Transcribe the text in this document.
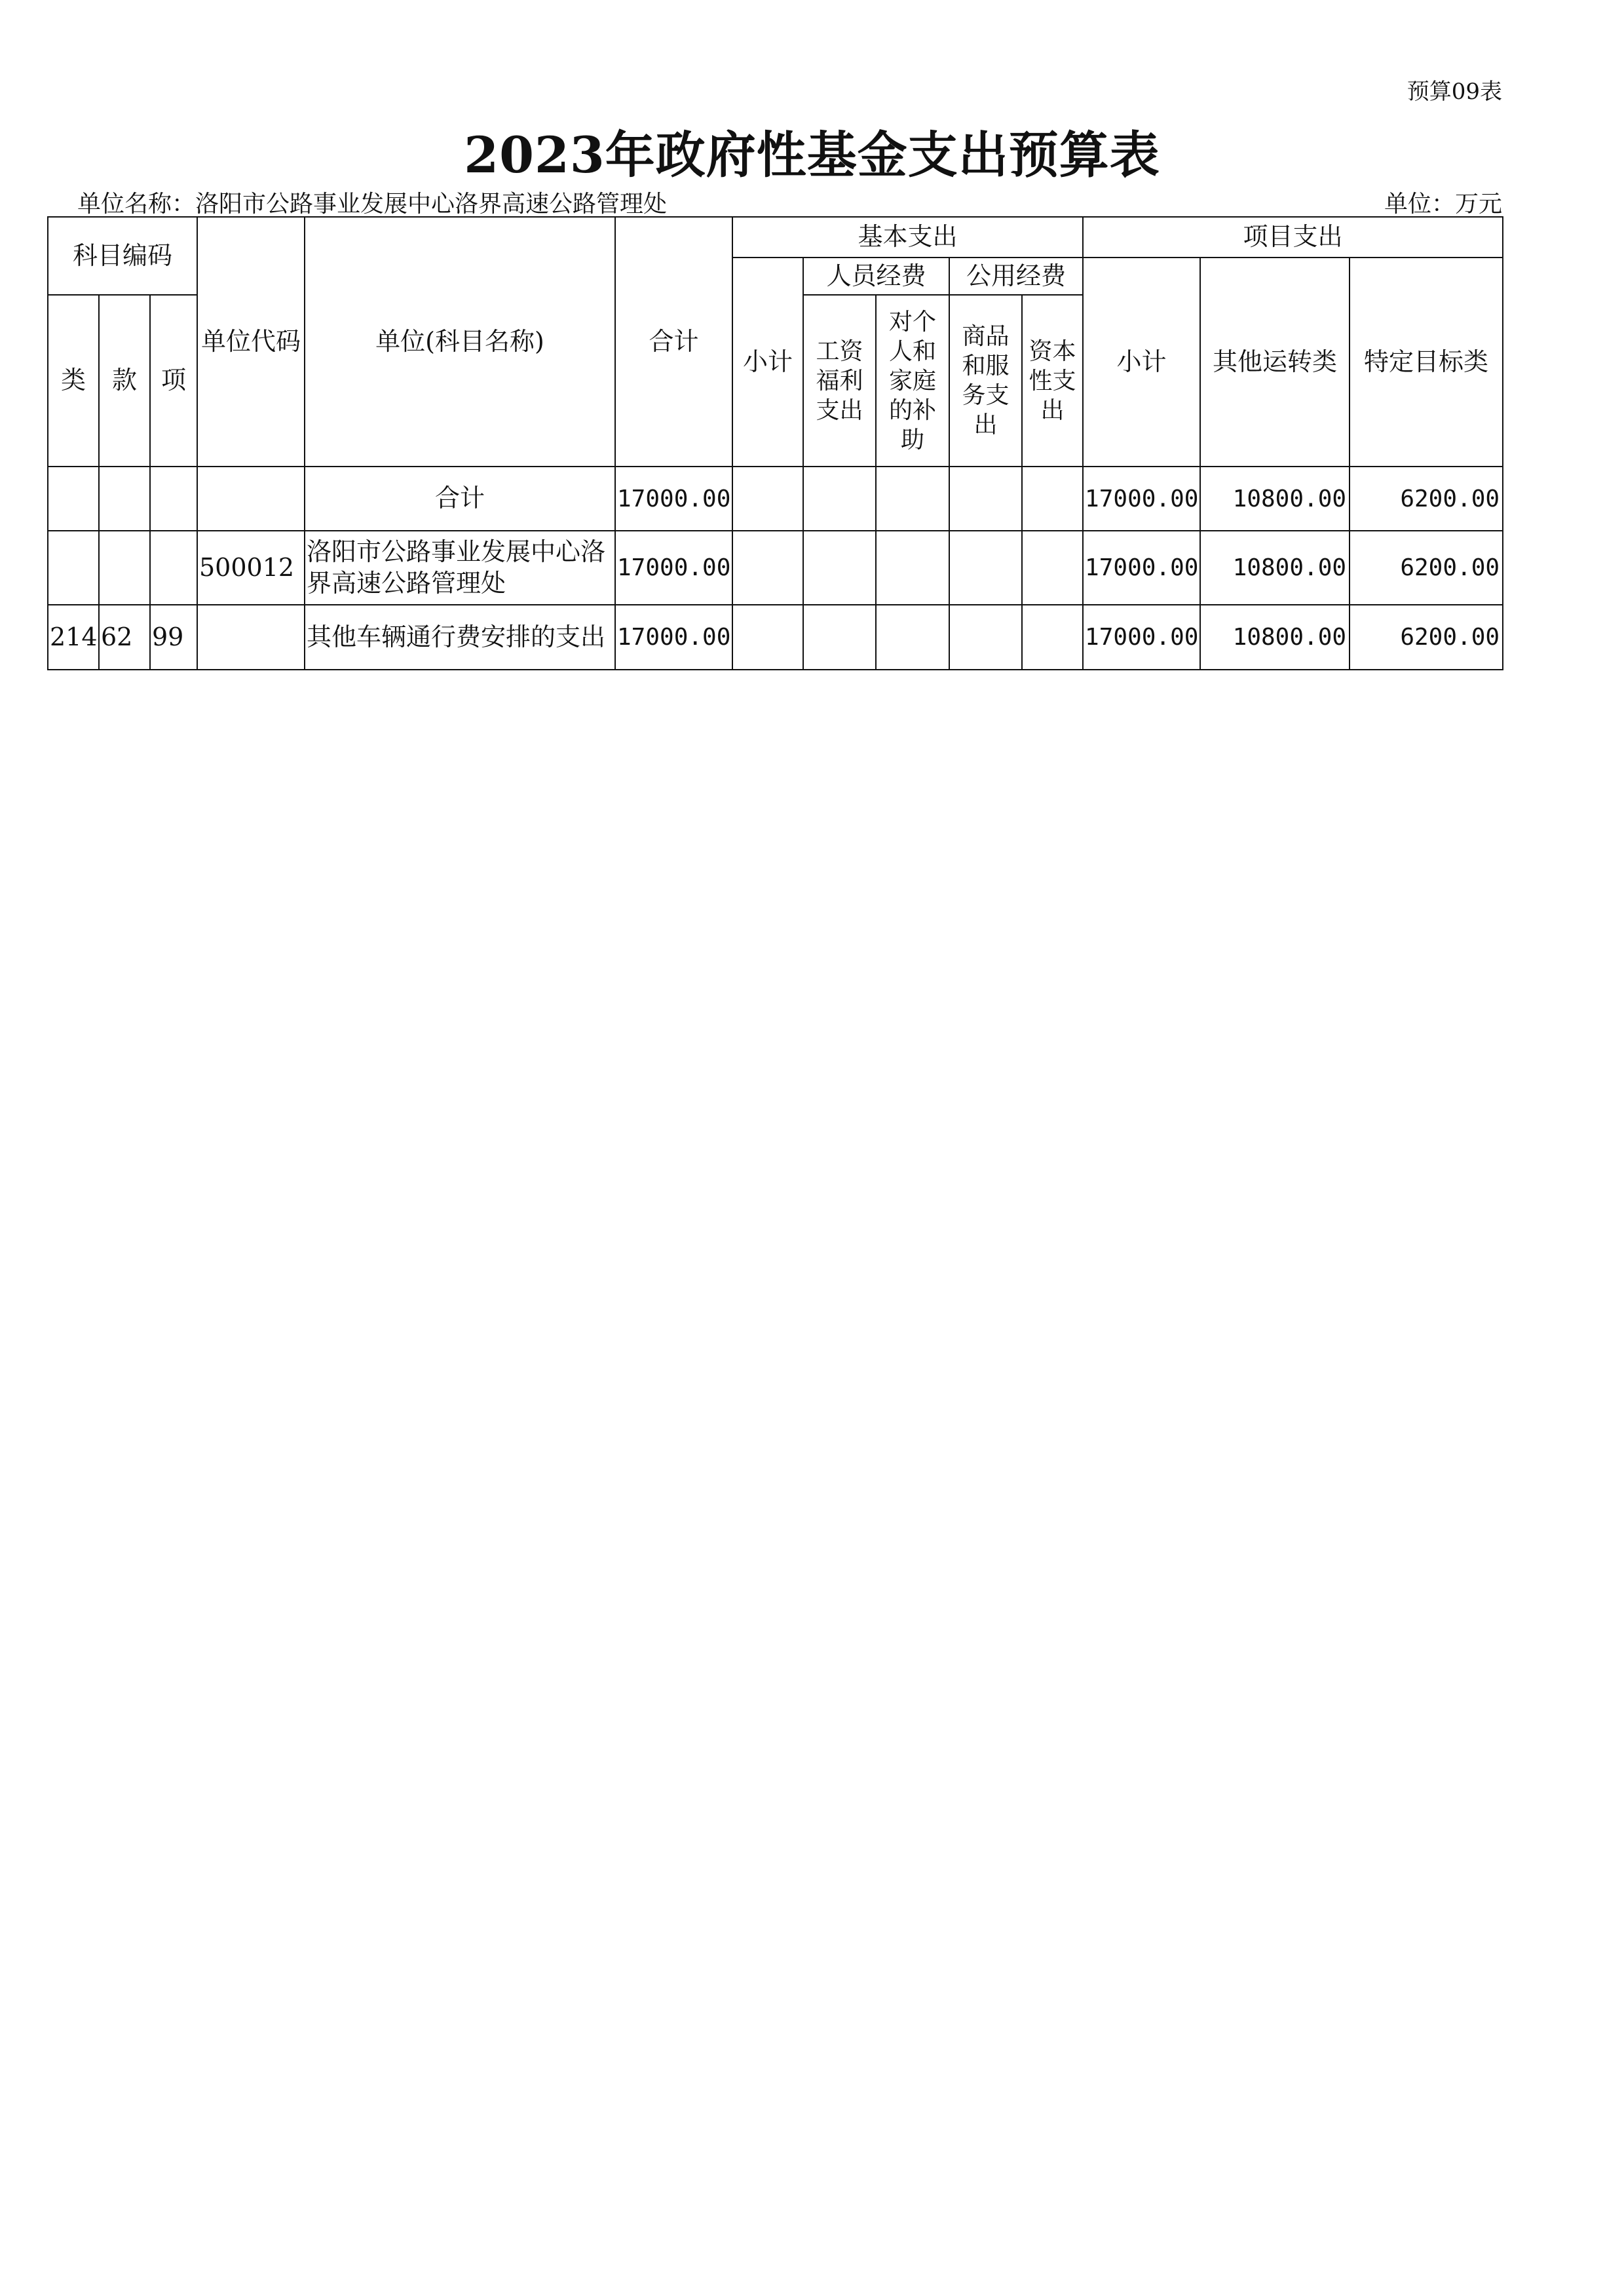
预算09表
2023年政府性基金支出预算表
单位名称：洛阳市公路事业发展中心洛界高速公路管理处	单位：万元
科目编码			单位代码	单位(科目名称)	合计	基本支出					项目支出		
						小计	人员经费		公用经费		小计	其他运转类	特定目标类
类	款	项					工资福利支出	对个人和家庭的补助	商品和服务支出	资本性支出			

				合计	17000.00						17000.00	10800.00	6200.00
			500012	洛阳市公路事业发展中心洛界高速公路管理处	17000.00						17000.00	10800.00	6200.00
214	62	99		其他车辆通行费安排的支出	17000.00						17000.00	10800.00	6200.00
